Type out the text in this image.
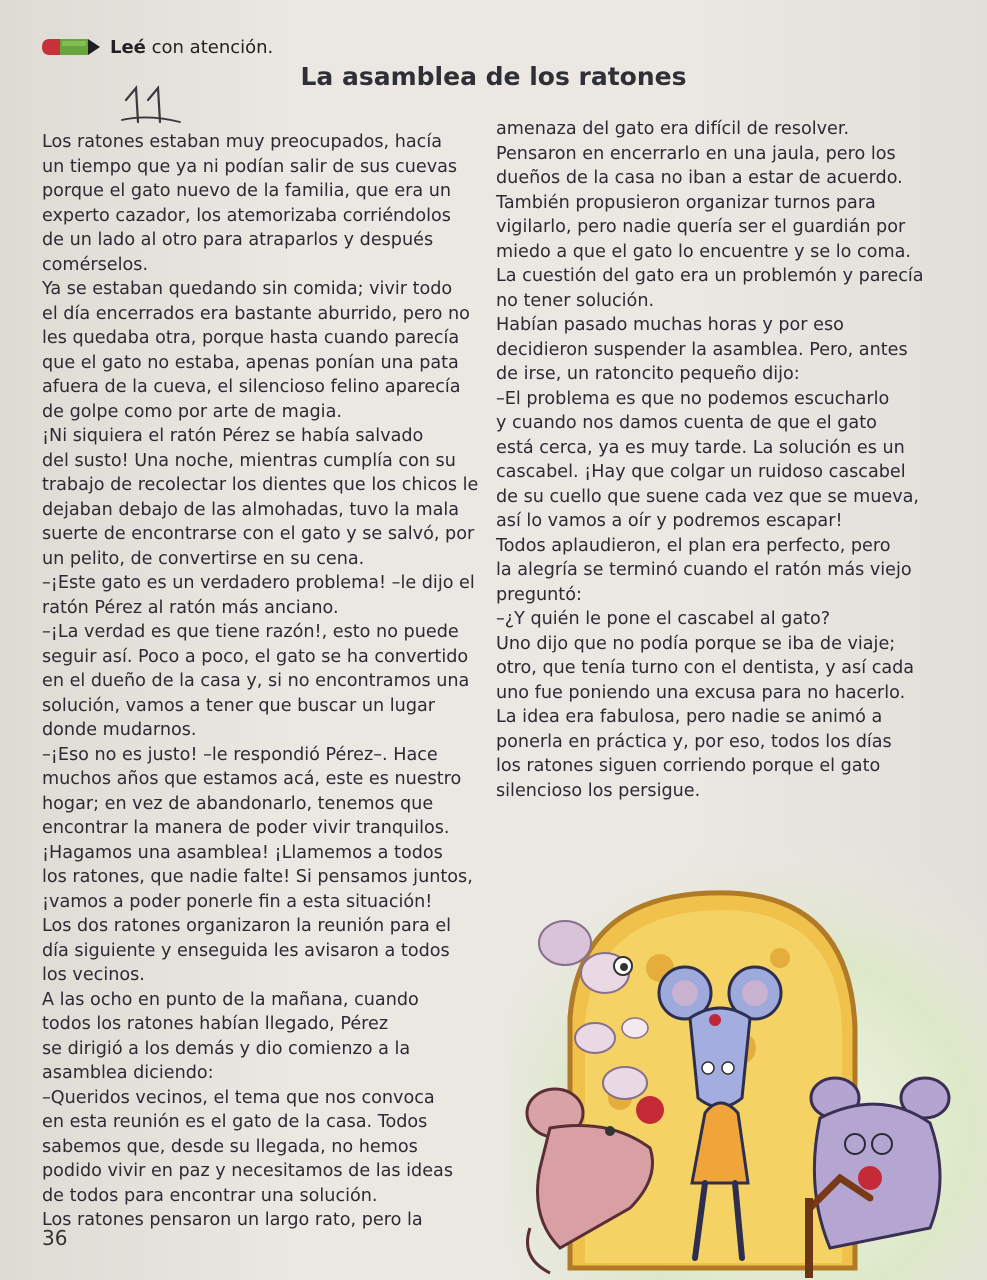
Leé con atención.
La asamblea de los ratones

Los ratones estaban muy preocupados, hacía

un tiempo que ya ni podían salir de sus cuevas

porque el gato nuevo de la familia, que era un

experto cazador, los atemorizaba corriéndolos

de un lado al otro para atraparlos y después

comérselos.

Ya se estaban quedando sin comida; vivir todo

el día encerrados era bastante aburrido, pero no

les quedaba otra, porque hasta cuando parecía

que el gato no estaba, apenas ponían una pata

afuera de la cueva, el silencioso felino aparecía

de golpe como por arte de magia.

¡Ni siquiera el ratón Pérez se había salvado

del susto! Una noche, mientras cumplía con su

trabajo de recolectar los dientes que los chicos le

dejaban debajo de las almohadas, tuvo la mala

suerte de encontrarse con el gato y se salvó, por

un pelito, de convertirse en su cena.

–¡Este gato es un verdadero problema! –le dijo el

ratón Pérez al ratón más anciano.

–¡La verdad es que tiene razón!, esto no puede

seguir así. Poco a poco, el gato se ha convertido

en el dueño de la casa y, si no encontramos una

solución, vamos a tener que buscar un lugar

donde mudarnos.

–¡Eso no es justo! –le respondió Pérez–. Hace

muchos años que estamos acá, este es nuestro

hogar; en vez de abandonarlo, tenemos que

encontrar la manera de poder vivir tranquilos.

¡Hagamos una asamblea! ¡Llamemos a todos

los ratones, que nadie falte! Si pensamos juntos,

¡vamos a poder ponerle fin a esta situación!

Los dos ratones organizaron la reunión para el

día siguiente y enseguida les avisaron a todos

los vecinos.

A las ocho en punto de la mañana, cuando

todos los ratones habían llegado, Pérez

se dirigió a los demás y dio comienzo a la

asamblea diciendo:

–Queridos vecinos, el tema que nos convoca

en esta reunión es el gato de la casa. Todos

sabemos que, desde su llegada, no hemos

podido vivir en paz y necesitamos de las ideas

de todos para encontrar una solución.

Los ratones pensaron un largo rato, pero la

amenaza del gato era difícil de resolver.

Pensaron en encerrarlo en una jaula, pero los

dueños de la casa no iban a estar de acuerdo.

También propusieron organizar turnos para

vigilarlo, pero nadie quería ser el guardián por

miedo a que el gato lo encuentre y se lo coma.

La cuestión del gato era un problemón y parecía

no tener solución.

Habían pasado muchas horas y por eso

decidieron suspender la asamblea. Pero, antes

de irse, un ratoncito pequeño dijo:

–El problema es que no podemos escucharlo

y cuando nos damos cuenta de que el gato

está cerca, ya es muy tarde. La solución es un

cascabel. ¡Hay que colgar un ruidoso cascabel

de su cuello que suene cada vez que se mueva,

así lo vamos a oír y podremos escapar!

Todos aplaudieron, el plan era perfecto, pero

la alegría se terminó cuando el ratón más viejo

preguntó:

–¿Y quién le pone el cascabel al gato?

Uno dijo que no podía porque se iba de viaje;

otro, que tenía turno con el dentista, y así cada

uno fue poniendo una excusa para no hacerlo.

La idea era fabulosa, pero nadie se animó a

ponerla en práctica y, por eso, todos los días

los ratones siguen corriendo porque el gato

silencioso los persigue.

36
